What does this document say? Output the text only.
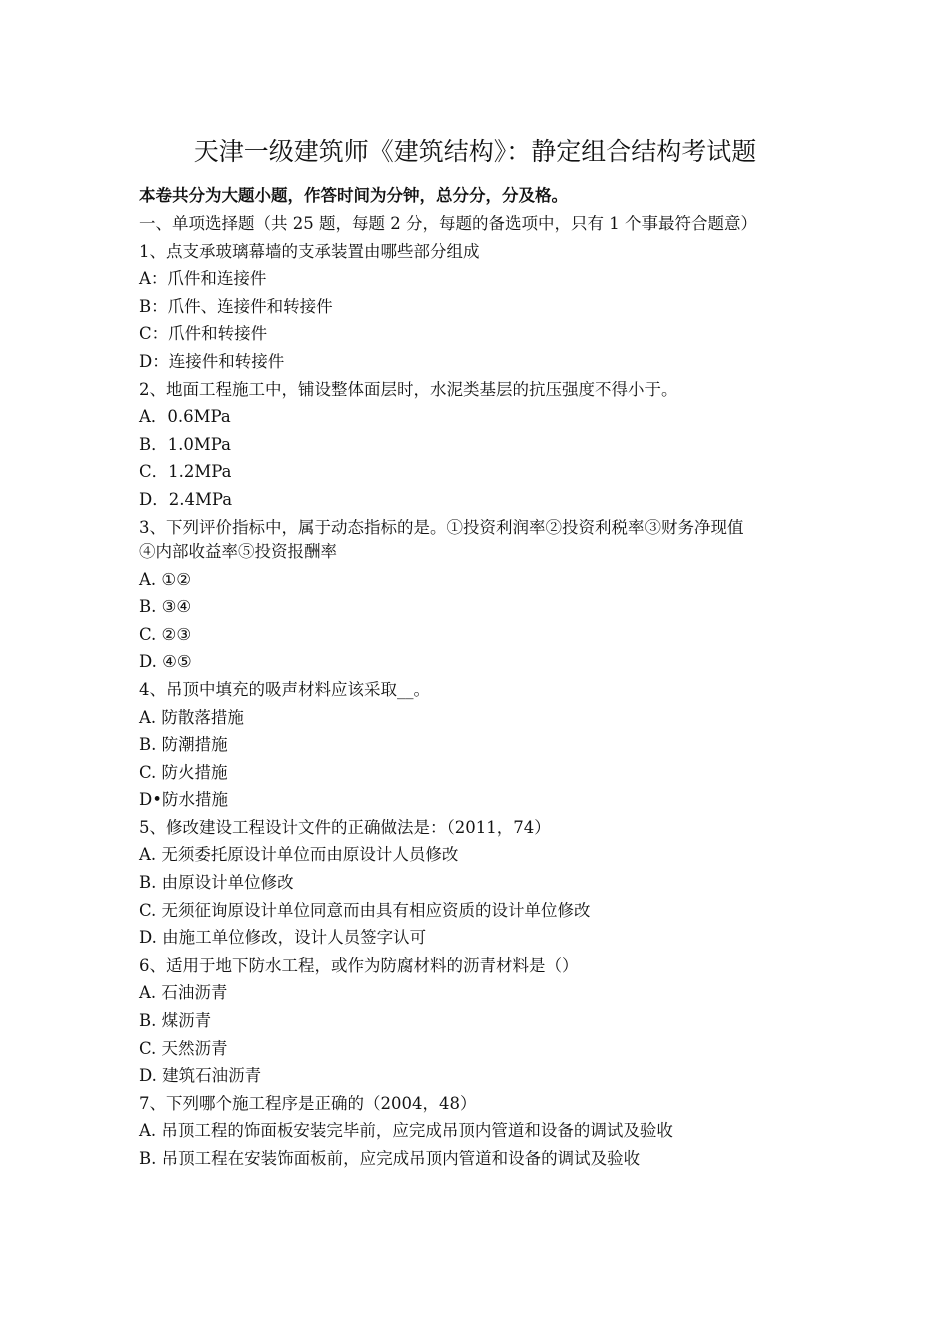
天津一级建筑师《建筑结构》：静定组合结构考试题
本卷共分为大题小题，作答时间为分钟，总分分，分及格。
一、单项选择题（共 25 题，每题 2 分，每题的备选项中，只有 1 个事最符合题意）
1、点支承玻璃幕墙的支承装置由哪些部分组成
A：爪件和连接件
B：爪件、连接件和转接件
C：爪件和转接件
D：连接件和转接件
2、地面工程施工中，铺设整体面层时，水泥类基层的抗压强度不得小于。
A．0.6MPa
B．1.0MPa
C．1.2MPa
D．2.4MPa
3、下列评价指标中，属于动态指标的是。①投资利润率②投资利税率③财务净现值④内部收益率⑤投资报酬率
A. ①②
B. ③④
C. ②③
D. ④⑤
4、吊顶中填充的吸声材料应该采取__。
A. 防散落措施
B. 防潮措施
C. 防火措施
D•防水措施
5、修改建设工程设计文件的正确做法是：（2011，74）
A. 无须委托原设计单位而由原设计人员修改
B. 由原设计单位修改
C. 无须征询原设计单位同意而由具有相应资质的设计单位修改
D. 由施工单位修改，设计人员签字认可
6、适用于地下防水工程，或作为防腐材料的沥青材料是（）
A. 石油沥青
B. 煤沥青
C. 天然沥青
D. 建筑石油沥青
7、下列哪个施工程序是正确的（2004，48）
A. 吊顶工程的饰面板安装完毕前，应完成吊顶内管道和设备的调试及验收
B. 吊顶工程在安装饰面板前，应完成吊顶内管道和设备的调试及验收
